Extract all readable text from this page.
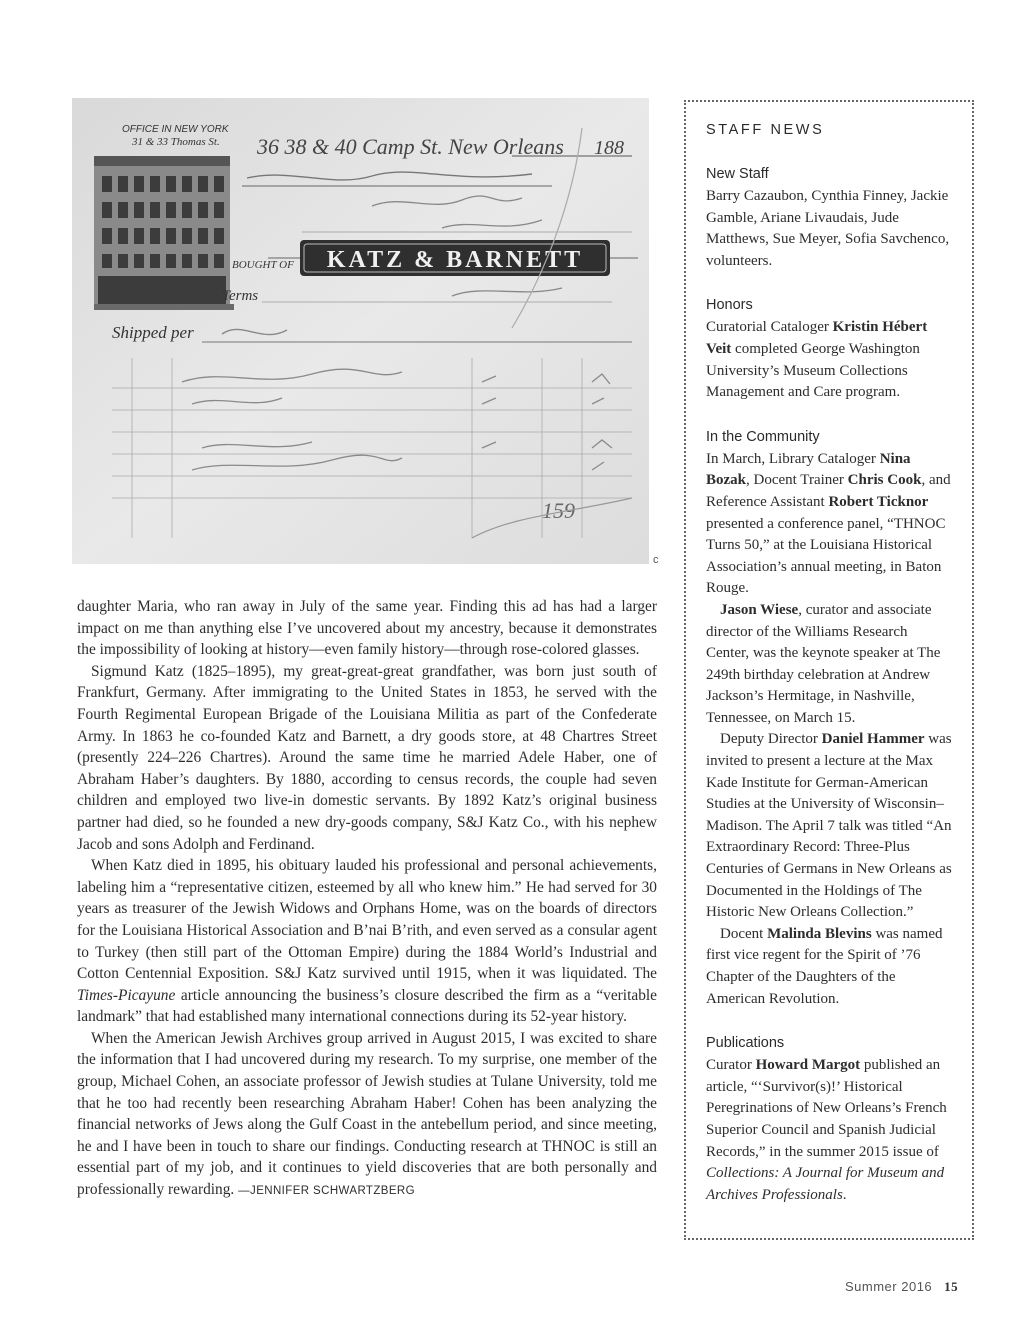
OFFICE IN NEW YORK
31 & 33 Thomas St. 36 38 & 40 Camp St. New Orleans 188
BOUGHT OF KATZ & BARNETT
Terms
Shipped per
159
c

daughter Maria, who ran away in July of the same year. Finding this ad has had a larger impact on me than anything else I’ve uncovered about my ancestry, because it demonstrates the impossibility of looking at history—even family history—through rose-colored glasses.

Sigmund Katz (1825–1895), my great-great-great grandfather, was born just south of Frankfurt, Germany. After immigrating to the United States in 1853, he served with the Fourth Regimental European Brigade of the Louisiana Militia as part of the Confederate Army. In 1863 he co-founded Katz and Barnett, a dry goods store, at 48 Chartres Street (presently 224–226 Chartres). Around the same time he married Adele Haber, one of Abraham Haber’s daughters. By 1880, according to census records, the couple had seven children and employed two live-in domestic servants. By 1892 Katz’s original business partner had died, so he founded a new dry-goods company, S&J Katz Co., with his nephew Jacob and sons Adolph and Ferdinand.

When Katz died in 1895, his obituary lauded his professional and personal achievements, labeling him a “representative citizen, esteemed by all who knew him.” He had served for 30 years as treasurer of the Jewish Widows and Orphans Home, was on the boards of directors for the Louisiana Historical Association and B’nai B’rith, and even served as a consular agent to Turkey (then still part of the Ottoman Empire) during the 1884 World’s Industrial and Cotton Centennial Exposition. S&J Katz survived until 1915, when it was liquidated. The Times-Picayune article announcing the business’s closure described the firm as a “veritable landmark” that had established many international connections during its 52-year history.

When the American Jewish Archives group arrived in August 2015, I was excited to share the information that I had uncovered during my research. To my surprise, one member of the group, Michael Cohen, an associate professor of Jewish studies at Tulane University, told me that he too had recently been researching Abraham Haber! Cohen has been analyzing the financial networks of Jews along the Gulf Coast in the antebellum period, and since meeting, he and I have been in touch to share our findings. Conducting research at THNOC is still an essential part of my job, and it continues to yield discoveries that are both personally and professionally rewarding. —JENNIFER SCHWARTZBERG

STAFF NEWS
New Staff

Barry Cazaubon, Cynthia Finney, Jackie Gamble, Ariane Livaudais, Jude Matthews, Sue Meyer, Sofia Savchenco, volunteers.

Honors

Curatorial Cataloger Kristin Hébert Veit completed George Washington University’s Museum Collections Management and Care program.

In the Community

In March, Library Cataloger Nina Bozak, Docent Trainer Chris Cook, and Reference Assistant Robert Ticknor presented a conference panel, “THNOC Turns 50,” at the Louisiana Historical Association’s annual meeting, in Baton Rouge.

Jason Wiese, curator and associate director of the Williams Research Center, was the keynote speaker at The 249th birthday celebration at Andrew Jackson’s Hermitage, in Nashville, Tennessee, on March 15.

Deputy Director Daniel Hammer was invited to present a lecture at the Max Kade Institute for German-American Studies at the University of Wisconsin–Madison. The April 7 talk was titled “An Extraordinary Record: Three-Plus Centuries of Germans in New Orleans as Documented in the Holdings of The Historic New Orleans Collection.”

Docent Malinda Blevins was named first vice regent for the Spirit of ’76 Chapter of the Daughters of the American Revolution.

Publications

Curator Howard Margot published an article, “‘Survivor(s)!’ Historical Peregrinations of New Orleans’s French Superior Council and Spanish Judicial Records,” in the summer 2015 issue of Collections: A Journal for Museum and Archives Professionals.

Summer 2016 15
